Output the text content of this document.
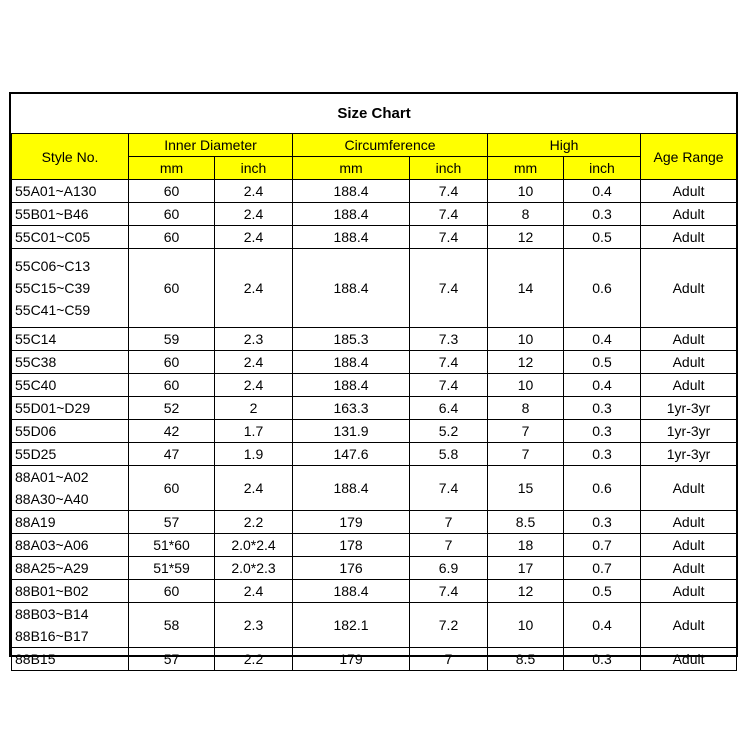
Size Chart							
Style No.	Inner Diameter		Circumference		High		Age Range
	mm	inch	mm	inch	mm	inch	
55A01~A130	60	2.4	188.4	7.4	10	0.4	Adult
55B01~B46	60	2.4	188.4	7.4	8	0.3	Adult
55C01~C05	60	2.4	188.4	7.4	12	0.5	Adult

55C06~C13
55C15~C39
55C41~C59	60	2.4	188.4	7.4	14	0.6	Adult
55C14	59	2.3	185.3	7.3	10	0.4	Adult
55C38	60	2.4	188.4	7.4	12	0.5	Adult
55C40	60	2.4	188.4	7.4	10	0.4	Adult
55D01~D29	52	2	163.3	6.4	8	0.3	1yr-3yr
55D06	42	1.7	131.9	5.2	7	0.3	1yr-3yr
55D25	47	1.9	147.6	5.8	7	0.3	1yr-3yr

88A01~A02
88A30~A40	60	2.4	188.4	7.4	15	0.6	Adult
88A19	57	2.2	179	7	8.5	0.3	Adult
88A03~A06	51*60	2.0*2.4	178	7	18	0.7	Adult
88A25~A29	51*59	2.0*2.3	176	6.9	17	0.7	Adult
88B01~B02	60	2.4	188.4	7.4	12	0.5	Adult

88B03~B14
88B16~B17	58	2.3	182.1	7.2	10	0.4	Adult
88B15	57	2.2	179	7	8.5	0.3	Adult
